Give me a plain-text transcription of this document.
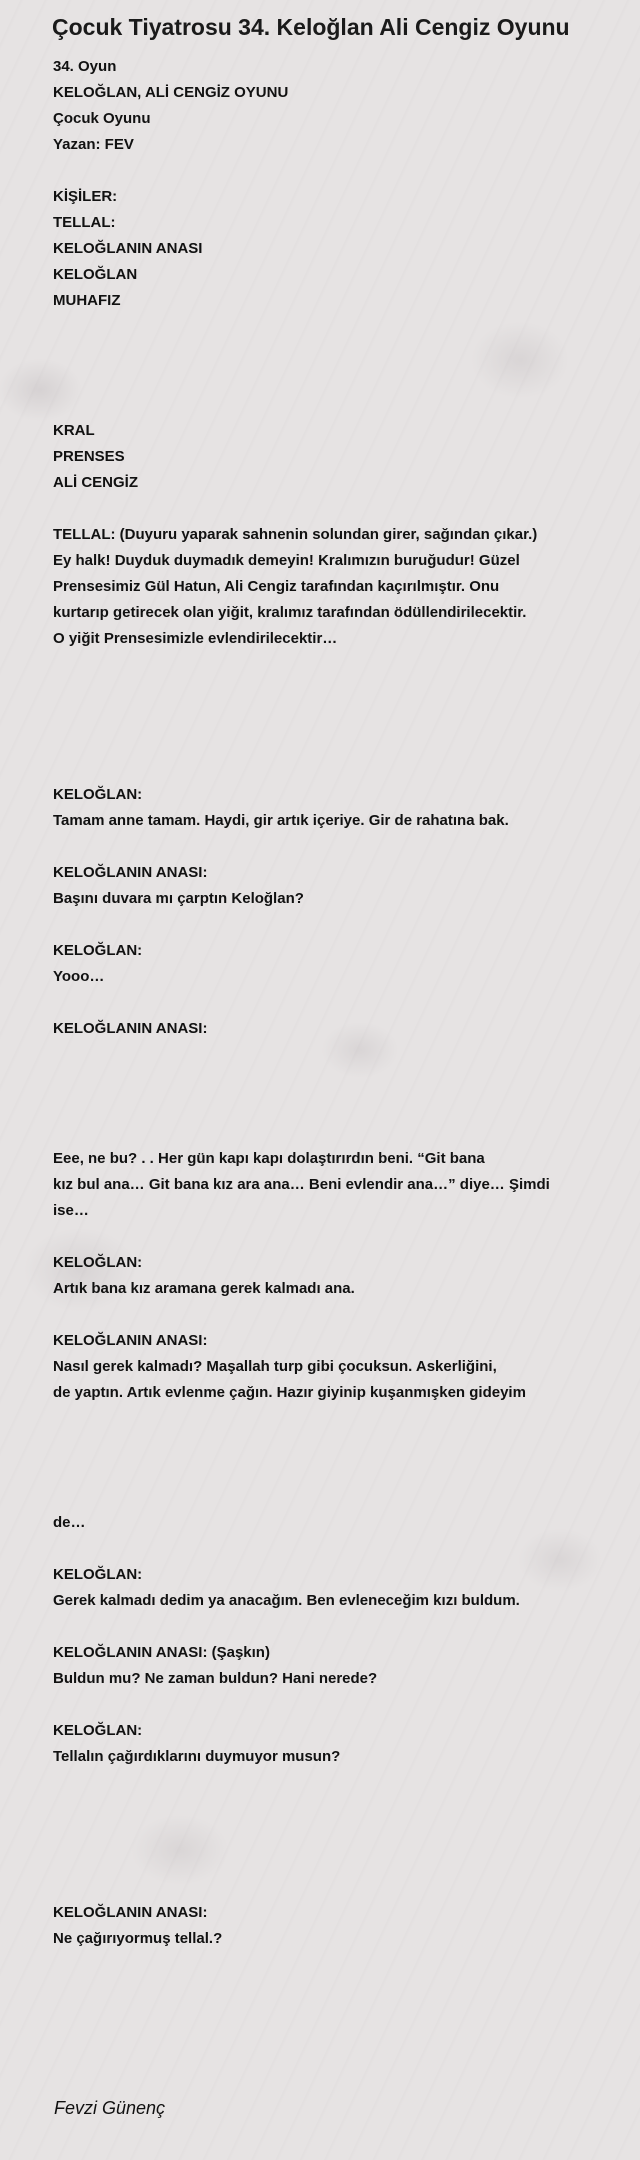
Çocuk Tiyatrosu 34. Keloğlan Ali Cengiz Oyunu
34. Oyun
KELOĞLAN, ALİ CENGİZ OYUNU
Çocuk Oyunu
Yazan: FEV
KİŞİLER:
TELLAL:
KELOĞLANIN ANASI
KELOĞLAN
MUHAFIZ
KRAL
PRENSES
ALİ CENGİZ
TELLAL: (Duyuru yaparak sahnenin solundan girer, sağından çıkar.)
Ey halk! Duyduk duymadık demeyin! Kralımızın buruğudur! Güzel
Prensesimiz Gül Hatun, Ali Cengiz tarafından kaçırılmıştır. Onu
kurtarıp getirecek olan yiğit, kralımız tarafından ödüllendirilecektir.
O yiğit Prensesimizle evlendirilecektir…
KELOĞLAN:
Tamam anne tamam. Haydi, gir artık içeriye. Gir de rahatına bak.
KELOĞLANIN ANASI:
Başını duvara mı çarptın Keloğlan?
KELOĞLAN:
Yooo…
KELOĞLANIN ANASI:
Eee, ne bu? . . Her gün kapı kapı dolaştırırdın beni. “Git bana
kız bul ana… Git bana kız ara ana… Beni evlendir ana…” diye… Şimdi
ise…
KELOĞLAN:
Artık bana kız aramana gerek kalmadı ana.
KELOĞLANIN ANASI:
Nasıl gerek kalmadı? Maşallah turp gibi çocuksun. Askerliğini,
de yaptın. Artık evlenme çağın. Hazır giyinip kuşanmışken gideyim
de…
KELOĞLAN:
Gerek kalmadı dedim ya anacağım. Ben evleneceğim kızı buldum.
KELOĞLANIN ANASI: (Şaşkın)
Buldun mu? Ne zaman buldun? Hani nerede?
KELOĞLAN:
Tellalın çağırdıklarını duymuyor musun?
KELOĞLANIN ANASI:
Ne çağırıyormuş tellal.?
Fevzi Günenç
